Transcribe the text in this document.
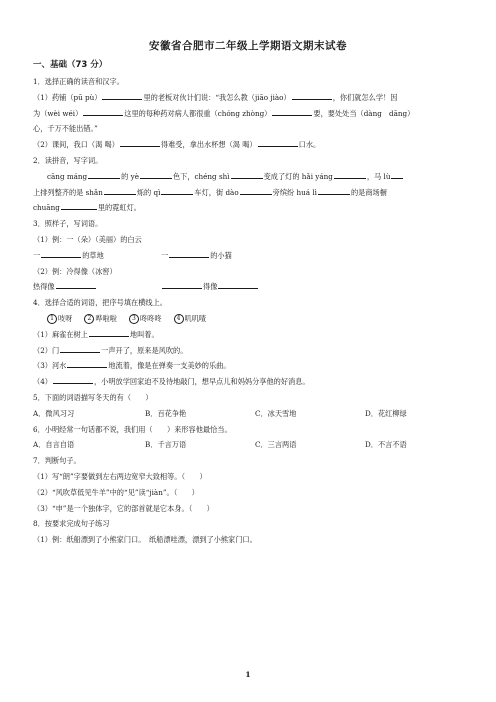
安徽省合肥市二年级上学期语文期末试卷
一、基础（73 分）
1．选择正确的读音和汉字。
（1）药铺（pū pù）	里的老板对伙计们说：“我怎么教（jiāo jiào）	，你们就怎么学！因
为（wèi wéi）	这里的每种药对病人都很重（chóng zhòng）	要，要处处当（dàng　dāng）
心，千万不能出错。”
（2）课间，我口（渴 喝）	得难受，拿出水杯想（渴 喝）	口水。
2．读拼音，写字词。
cāng máng	的 yè	色下，chéng shì	变成了灯的 hǎi yáng	，马 lù
上排列整齐的是 shǎn	烁的 qì	车灯，街 dào	旁缤纷 huá lì	的是商场橱
chuāng	里的霓虹灯。
3．照样子，写词语。
（1）例：一（朵）（美丽）的白云
一	的草地	一	的小猫
（2）例：冷得像（冰窖）
热得像	得像
4．选择合适的词语，把序号填在横线上。
1 吱呀	2 哗啦啦	3 咚咚咚	4 叽叽喳
（1）麻雀在树上	地叫着。
（2）门	一声开了，原来是风吹的。
（3）河水	地流着，像是在弹奏一支美妙的乐曲。
（4）	，小明放学回家迫不及待地敲门，想早点儿和妈妈分享他的好消息。
5．下面的词语描写冬天的有（　　）
A．微风习习	B．百花争艳	C．冰天雪地	D．花红柳绿
6．小明经常一句话都不说，我们用（　　）来形容他最恰当。
A．自言自语	B．千言万语	C．三言两语	D．不言不语
7．判断句子。
（1）写“朗”字要做到左右两边宽窄大致相等。（　　）
（2）“风吹草低见牛羊”中的“见”读“jiàn”。（　　）
（3）“申”是一个独体字，它的部首就是它本身。（　　）
8．按要求完成句子练习
（1）例：纸船漂到了小熊家门口。　纸船漂哇漂，漂到了小熊家门口。
1
